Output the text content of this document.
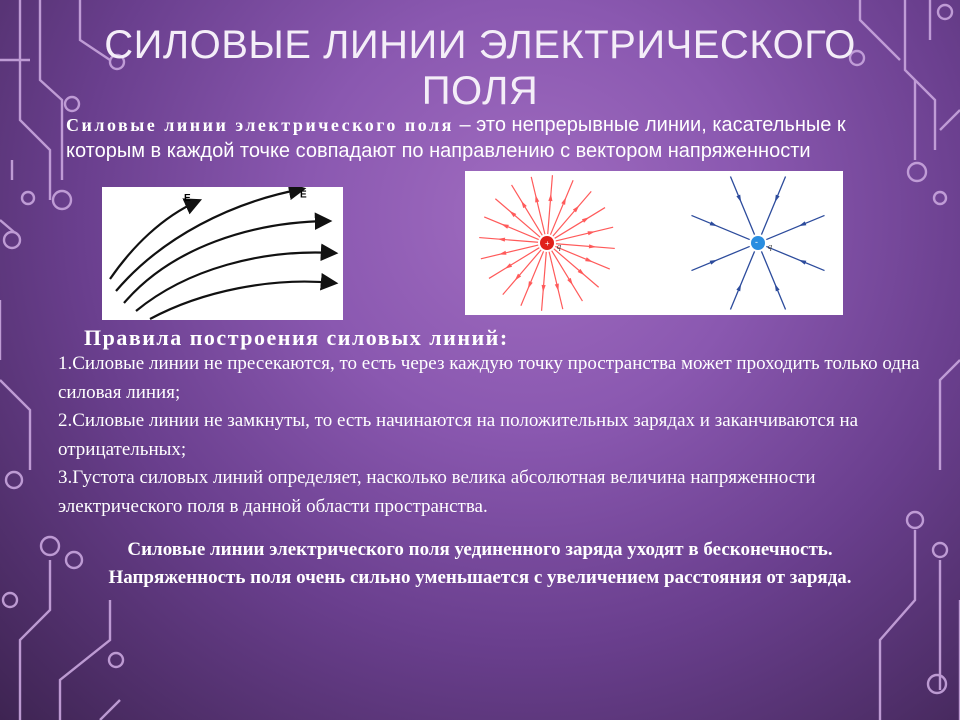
СИЛОВЫЕ ЛИНИИ ЭЛЕКТРИЧЕСКОГО ПОЛЯ
Силовые линии электрического поля – это непрерывные линии, касательные к которым в каждой точке совпадают по направлению с вектором напряженности
E	E
+ q	- q
Правила построения силовых линий:

1.Силовые линии не пресекаются, то есть через каждую точку пространства может проходить только одна силовая линия;

2.Силовые линии не замкнуты, то есть начинаются на положительных зарядах и заканчиваются на отрицательных;

3.Густота силовых линий определяет, насколько велика абсолютная величина напряженности электрического поля в данной области пространства.

Силовые линии электрического поля уединенного заряда уходят в бесконечность. Напряженность поля очень сильно уменьшается с увеличением расстояния от заряда.
